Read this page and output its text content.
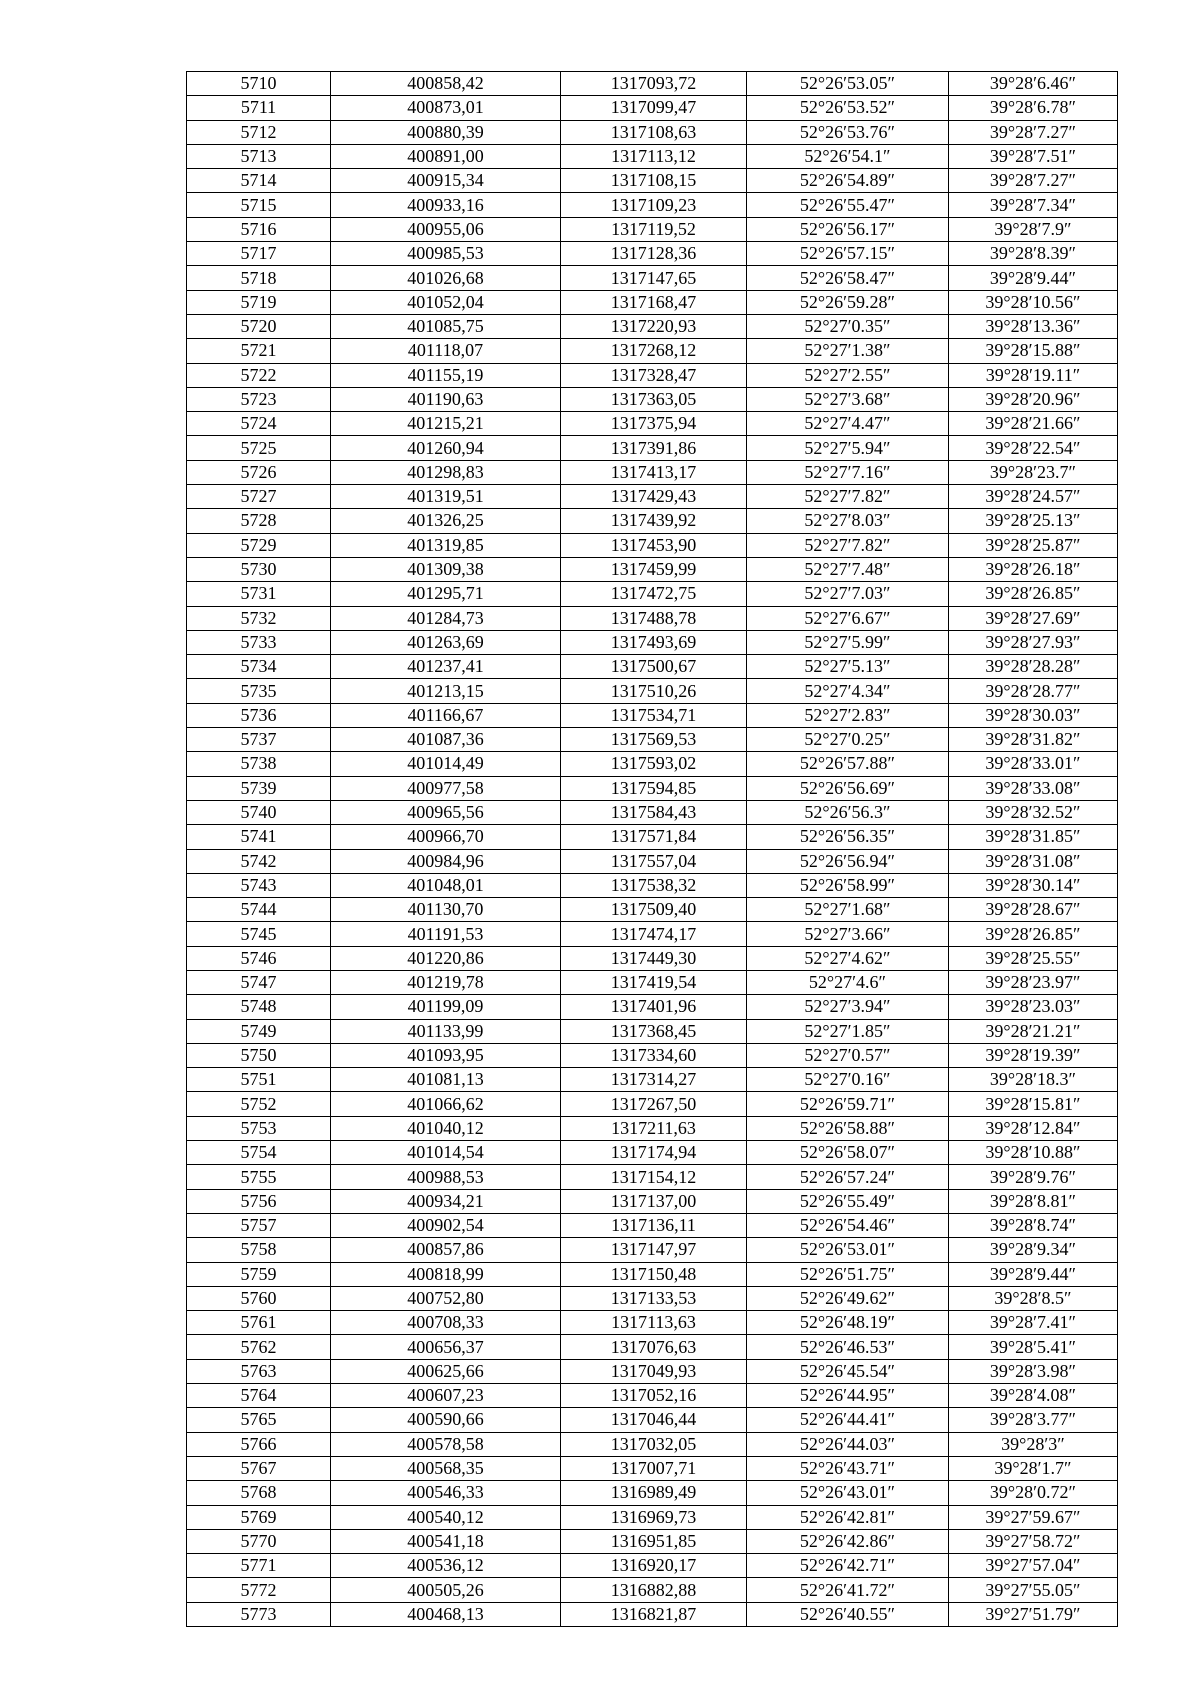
5710	400858,42	1317093,72	52°26′53.05″	39°28′6.46″
5711	400873,01	1317099,47	52°26′53.52″	39°28′6.78″
5712	400880,39	1317108,63	52°26′53.76″	39°28′7.27″
5713	400891,00	1317113,12	52°26′54.1″	39°28′7.51″
5714	400915,34	1317108,15	52°26′54.89″	39°28′7.27″
5715	400933,16	1317109,23	52°26′55.47″	39°28′7.34″
5716	400955,06	1317119,52	52°26′56.17″	39°28′7.9″
5717	400985,53	1317128,36	52°26′57.15″	39°28′8.39″
5718	401026,68	1317147,65	52°26′58.47″	39°28′9.44″
5719	401052,04	1317168,47	52°26′59.28″	39°28′10.56″
5720	401085,75	1317220,93	52°27′0.35″	39°28′13.36″
5721	401118,07	1317268,12	52°27′1.38″	39°28′15.88″
5722	401155,19	1317328,47	52°27′2.55″	39°28′19.11″
5723	401190,63	1317363,05	52°27′3.68″	39°28′20.96″
5724	401215,21	1317375,94	52°27′4.47″	39°28′21.66″
5725	401260,94	1317391,86	52°27′5.94″	39°28′22.54″
5726	401298,83	1317413,17	52°27′7.16″	39°28′23.7″
5727	401319,51	1317429,43	52°27′7.82″	39°28′24.57″
5728	401326,25	1317439,92	52°27′8.03″	39°28′25.13″
5729	401319,85	1317453,90	52°27′7.82″	39°28′25.87″
5730	401309,38	1317459,99	52°27′7.48″	39°28′26.18″
5731	401295,71	1317472,75	52°27′7.03″	39°28′26.85″
5732	401284,73	1317488,78	52°27′6.67″	39°28′27.69″
5733	401263,69	1317493,69	52°27′5.99″	39°28′27.93″
5734	401237,41	1317500,67	52°27′5.13″	39°28′28.28″
5735	401213,15	1317510,26	52°27′4.34″	39°28′28.77″
5736	401166,67	1317534,71	52°27′2.83″	39°28′30.03″
5737	401087,36	1317569,53	52°27′0.25″	39°28′31.82″
5738	401014,49	1317593,02	52°26′57.88″	39°28′33.01″
5739	400977,58	1317594,85	52°26′56.69″	39°28′33.08″
5740	400965,56	1317584,43	52°26′56.3″	39°28′32.52″
5741	400966,70	1317571,84	52°26′56.35″	39°28′31.85″
5742	400984,96	1317557,04	52°26′56.94″	39°28′31.08″
5743	401048,01	1317538,32	52°26′58.99″	39°28′30.14″
5744	401130,70	1317509,40	52°27′1.68″	39°28′28.67″
5745	401191,53	1317474,17	52°27′3.66″	39°28′26.85″
5746	401220,86	1317449,30	52°27′4.62″	39°28′25.55″
5747	401219,78	1317419,54	52°27′4.6″	39°28′23.97″
5748	401199,09	1317401,96	52°27′3.94″	39°28′23.03″
5749	401133,99	1317368,45	52°27′1.85″	39°28′21.21″
5750	401093,95	1317334,60	52°27′0.57″	39°28′19.39″
5751	401081,13	1317314,27	52°27′0.16″	39°28′18.3″
5752	401066,62	1317267,50	52°26′59.71″	39°28′15.81″
5753	401040,12	1317211,63	52°26′58.88″	39°28′12.84″
5754	401014,54	1317174,94	52°26′58.07″	39°28′10.88″
5755	400988,53	1317154,12	52°26′57.24″	39°28′9.76″
5756	400934,21	1317137,00	52°26′55.49″	39°28′8.81″
5757	400902,54	1317136,11	52°26′54.46″	39°28′8.74″
5758	400857,86	1317147,97	52°26′53.01″	39°28′9.34″
5759	400818,99	1317150,48	52°26′51.75″	39°28′9.44″
5760	400752,80	1317133,53	52°26′49.62″	39°28′8.5″
5761	400708,33	1317113,63	52°26′48.19″	39°28′7.41″
5762	400656,37	1317076,63	52°26′46.53″	39°28′5.41″
5763	400625,66	1317049,93	52°26′45.54″	39°28′3.98″
5764	400607,23	1317052,16	52°26′44.95″	39°28′4.08″
5765	400590,66	1317046,44	52°26′44.41″	39°28′3.77″
5766	400578,58	1317032,05	52°26′44.03″	39°28′3″
5767	400568,35	1317007,71	52°26′43.71″	39°28′1.7″
5768	400546,33	1316989,49	52°26′43.01″	39°28′0.72″
5769	400540,12	1316969,73	52°26′42.81″	39°27′59.67″
5770	400541,18	1316951,85	52°26′42.86″	39°27′58.72″
5771	400536,12	1316920,17	52°26′42.71″	39°27′57.04″
5772	400505,26	1316882,88	52°26′41.72″	39°27′55.05″
5773	400468,13	1316821,87	52°26′40.55″	39°27′51.79″
